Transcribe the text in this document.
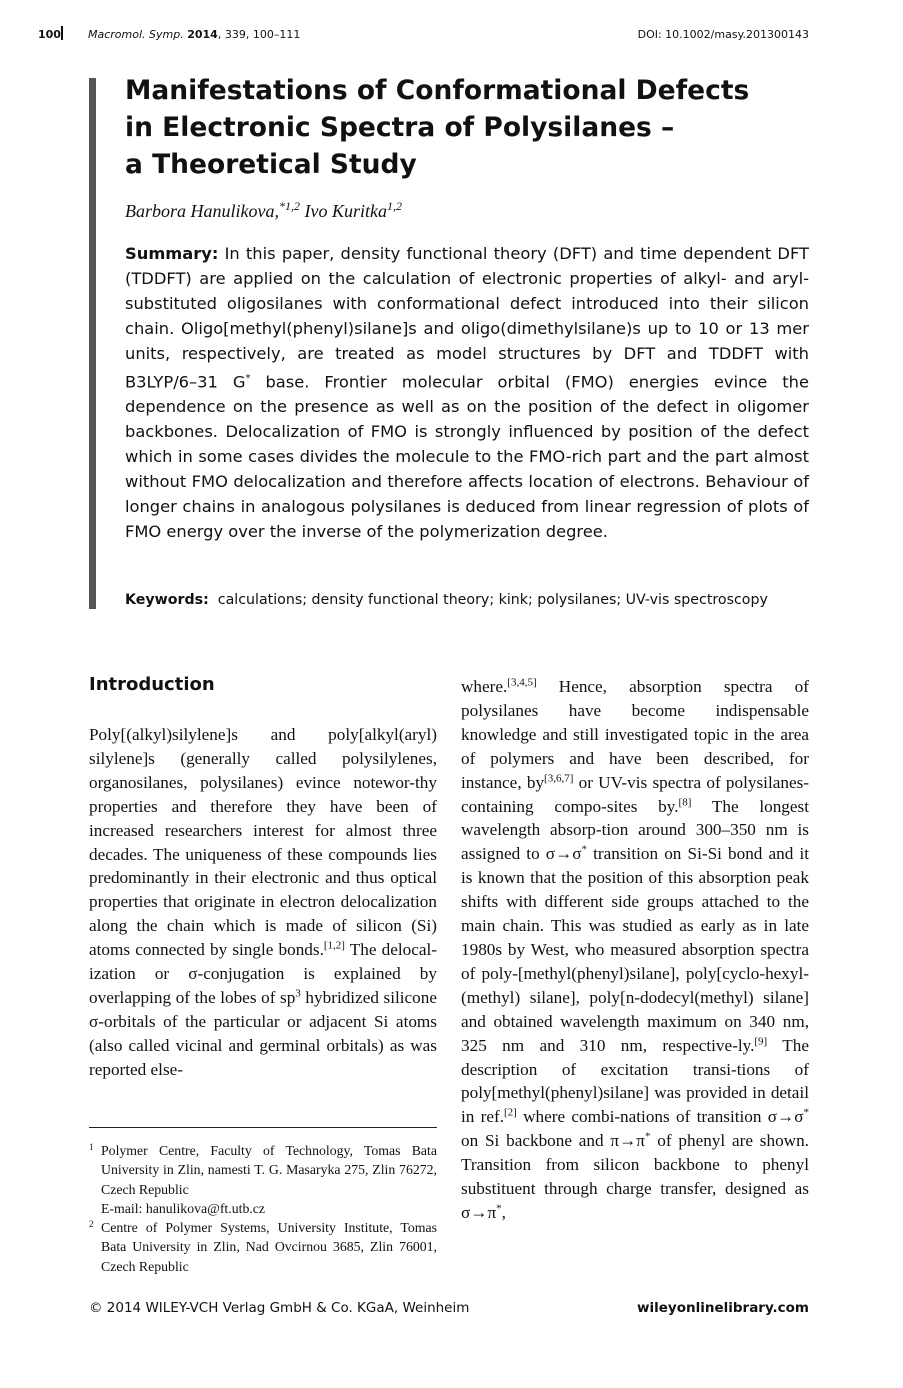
100 Macromol. Symp. 2014, 339, 100–111	DOI: 10.1002/masy.201300143
Manifestations of Conformational Defects
in Electronic Spectra of Polysilanes –
a Theoretical Study
Barbora Hanulikova,$^{*1,2}$ Ivo Kuritka$^{1,2}$

Summary: In this paper, density functional theory (DFT) and time dependent DFT (TDDFT) are applied on the calculation of electronic properties of alkyl- and aryl-substituted oligosilanes with conformational defect introduced into their silicon chain. Oligo[methyl(phenyl)silane]s and oligo(dimethylsilane)s up to 10 or 13 mer units, respectively, are treated as model structures by DFT and TDDFT with B3LYP/6–31 G* base. Frontier molecular orbital (FMO) energies evince the dependence on the presence as well as on the position of the defect in oligomer backbones. Delocalization of FMO is strongly influenced by position of the defect which in some cases divides the molecule to the FMO-rich part and the part almost without FMO delocalization and therefore affects location of electrons. Behaviour of longer chains in analogous polysilanes is deduced from linear regression of plots of FMO energy over the inverse of the polymerization degree.

Keywords: calculations; density functional theory; kink; polysilanes; UV-vis spectroscopy
Introduction

Poly[(alkyl)silylene]s and poly[alkyl(aryl) silylene]s (generally called polysilylenes, organosilanes, polysilanes) evince notewor-thy properties and therefore they have been of increased researchers interest for almost three decades. The uniqueness of these compounds lies predominantly in their electronic and thus optical properties that originate in electron delocalization along the chain which is made of silicon (Si) atoms connected by single bonds.[1,2] The delocal-ization or σ-conjugation is explained by overlapping of the lobes of $sp^3$ hybridized silicone σ-orbitals of the particular or adjacent Si atoms (also called vicinal and germinal orbitals) as was reported else-

where.[3,4,5] Hence, absorption spectra of polysilanes have become indispensable knowledge and still investigated topic in the area of polymers and have been described, for instance, by[3,6,7] or UV-vis spectra of polysilanes-containing compo-sites by.[8] The longest wavelength absorp-tion around 300–350 nm is assigned to σ→σ* transition on Si-Si bond and it is known that the position of this absorption peak shifts with different side groups attached to the main chain. This was studied as early as in late 1980s by West, who measured absorption spectra of poly-[methyl(phenyl)silane], poly[cyclo-hexyl-(methyl) silane], poly[n-dodecyl(methyl) silane] and obtained wavelength maximum on 340 nm, 325 nm and 310 nm, respective-ly.[9] The description of excitation transi-tions of poly[methyl(phenyl)silane] was provided in detail in ref.[2] where combi-nations of transition σ→σ* on Si backbone and π→π* of phenyl are shown. Transition from silicon backbone to phenyl substituent through charge transfer, designed as σ→π*,

1 Polymer Centre, Faculty of Technology, Tomas Bata University in Zlin, namesti T. G. Masaryka 275, Zlin 76272, Czech Republic
E-mail: hanulikova@ft.utb.cz
2 Centre of Polymer Systems, University Institute, Tomas Bata University in Zlin, Nad Ovcirnou 3685, Zlin 76001, Czech Republic
© 2014 WILEY-VCH Verlag GmbH & Co. KGaA, Weinheim	wileyonlinelibrary.com
